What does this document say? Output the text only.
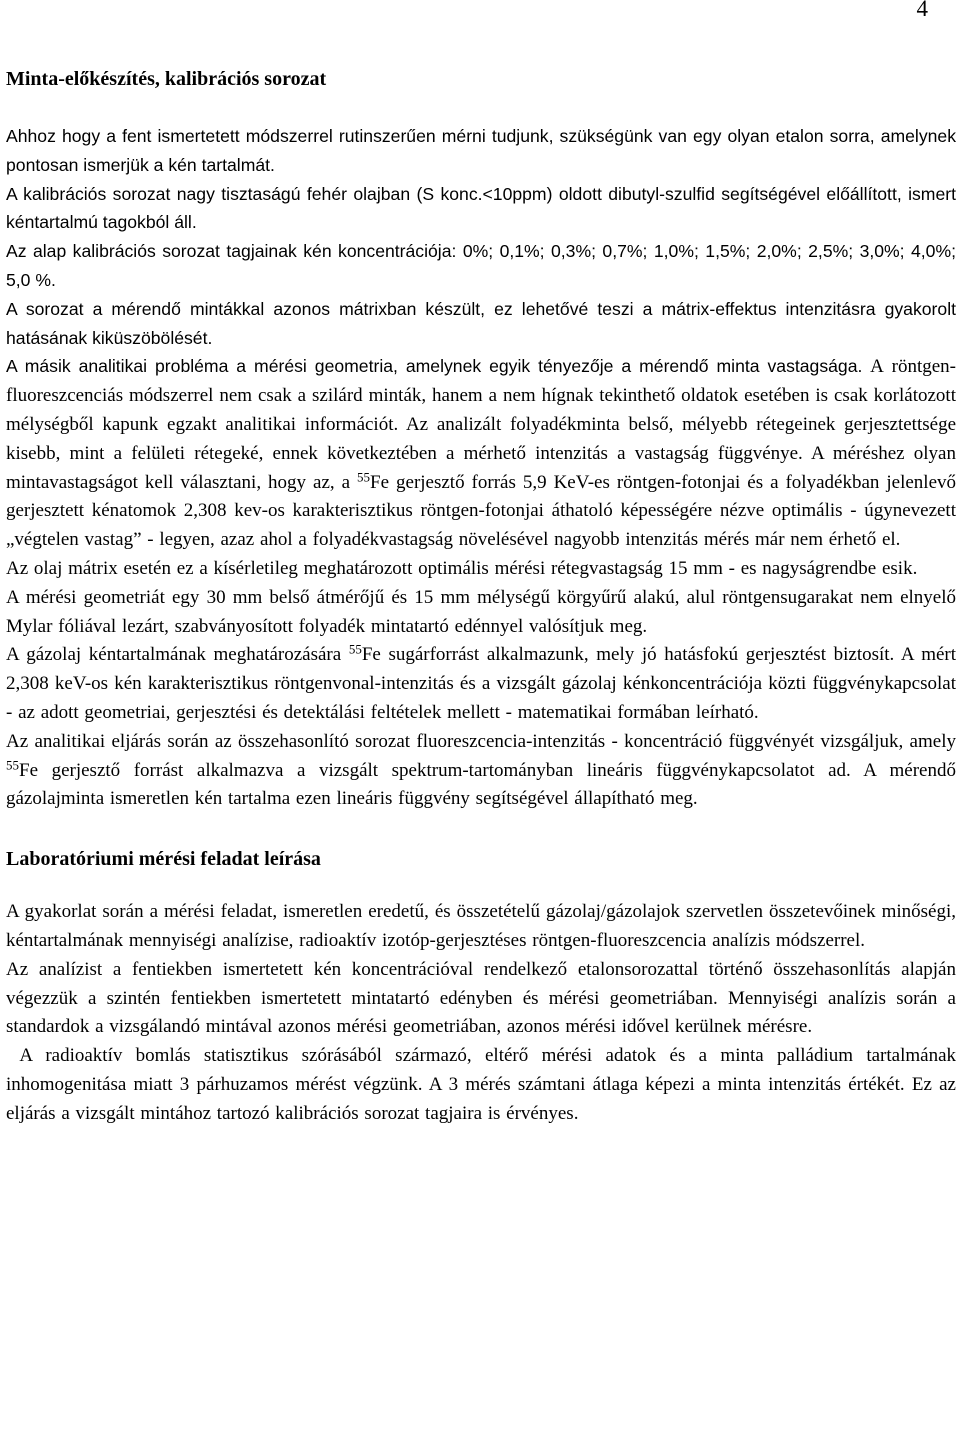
4
Minta-előkészítés, kalibrációs sorozat

Ahhoz hogy a fent ismertetett módszerrel rutinszerűen mérni tudjunk, szükségünk van egy olyan etalon sorra, amelynek pontosan ismerjük a kén tartalmát.

A kalibrációs sorozat nagy tisztaságú fehér olajban (S konc.<10ppm) oldott dibutyl-szulfid segítségével előállított, ismert kéntartalmú tagokból áll.

Az alap kalibrációs sorozat tagjainak kén koncentrációja: 0%; 0,1%; 0,3%; 0,7%; 1,0%; 1,5%; 2,0%; 2,5%; 3,0%; 4,0%; 5,0 %.

A sorozat a mérendő mintákkal azonos mátrixban készült, ez lehetővé teszi a mátrix-effektus intenzitásra gyakorolt hatásának kiküszöbölését.

A másik analitikai probléma a mérési geometria, amelynek egyik tényezője a mérendő minta vastagsága. A röntgen-fluoreszcenciás módszerrel nem csak a szilárd minták, hanem a nem hígnak tekinthető oldatok esetében is csak korlátozott mélységből kapunk egzakt analitikai információt. Az analizált folyadékminta belső, mélyebb rétegeinek gerjesztettsége kisebb, mint a felületi rétegeké, ennek következtében a mérhető intenzitás a vastagság függvénye. A méréshez olyan mintavastagságot kell választani, hogy az, a $^{55}$Fe gerjesztő forrás 5,9 KeV-es röntgen-fotonjai és a folyadékban jelenlevő gerjesztett kénatomok 2,308 kev-os karakterisztikus röntgen-fotonjai áthatoló képességére nézve optimális - úgynevezett „végtelen vastag” - legyen, azaz ahol a folyadékvastagság növelésével nagyobb intenzitás mérés már nem érhető el.

Az olaj mátrix esetén ez a kísérletileg meghatározott optimális mérési rétegvastagság 15 mm - es nagyságrendbe esik.

A mérési geometriát egy 30 mm belső átmérőjű és 15 mm mélységű körgyűrű alakú, alul röntgensugarakat nem elnyelő Mylar fóliával lezárt, szabványosított folyadék mintatartó edénnyel valósítjuk meg.

A gázolaj kéntartalmának meghatározására $^{55}$Fe sugárforrást alkalmazunk, mely jó hatásfokú gerjesztést biztosít. A mért 2,308 keV-os kén karakterisztikus röntgenvonal-intenzitás és a vizsgált gázolaj kénkoncentrációja közti függvénykapcsolat - az adott geometriai, gerjesztési és detektálási feltételek mellett - matematikai formában leírható.

Az analitikai eljárás során az összehasonlító sorozat fluoreszcencia-intenzitás - koncentráció függvényét vizsgáljuk, amely $^{55}$Fe gerjesztő forrást alkalmazva a vizsgált spektrum-tartományban lineáris függvénykapcsolatot ad. A mérendő gázolajminta ismeretlen kén tartalma ezen lineáris függvény segítségével állapítható meg.

Laboratóriumi mérési feladat leírása

A gyakorlat során a mérési feladat, ismeretlen eredetű, és összetételű gázolaj/gázolajok szervetlen összetevőinek minőségi, kéntartalmának mennyiségi analízise, radioaktív izotóp-gerjesztéses röntgen-fluoreszcencia analízis módszerrel.

Az analízist a fentiekben ismertetett kén koncentrációval rendelkező etalonsorozattal történő összehasonlítás alapján végezzük a szintén fentiekben ismertetett mintatartó edényben és mérési geometriában. Mennyiségi analízis során a standardok a vizsgálandó mintával azonos mérési geometriában, azonos mérési idővel kerülnek mérésre.

A radioaktív bomlás statisztikus szórásából származó, eltérő mérési adatok és a minta palládium tartalmának inhomogenitása miatt 3 párhuzamos mérést végzünk. A 3 mérés számtani átlaga képezi a minta intenzitás értékét. Ez az eljárás a vizsgált mintához tartozó kalibrációs sorozat tagjaira is érvényes.
